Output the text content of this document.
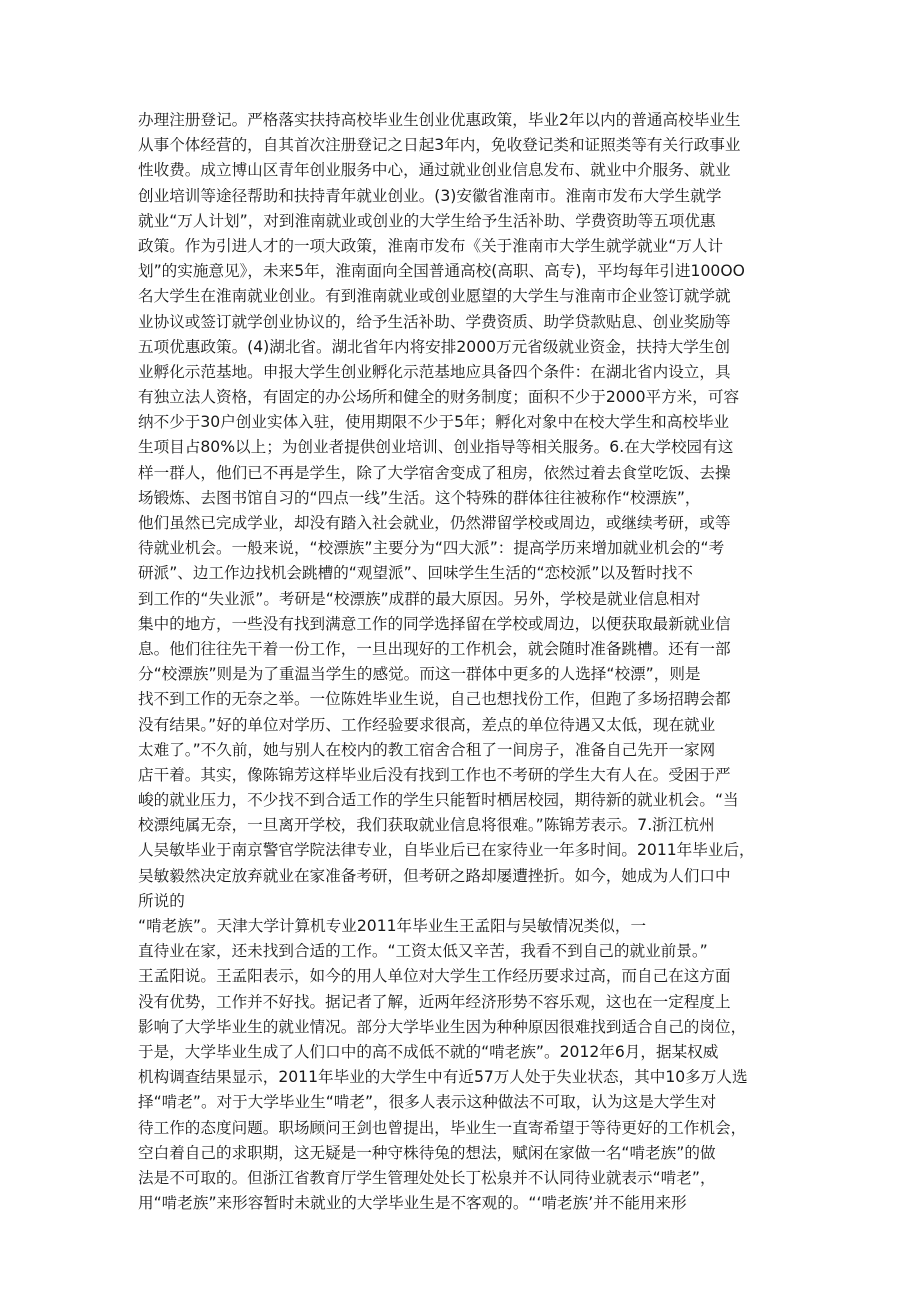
办理注册登记。严格落实扶持高校毕业生创业优惠政策，毕业2年以内的普通高校毕业生
从事个体经营的，自其首次注册登记之日起3年内，免收登记类和证照类等有关行政事业
性收费。成立博山区青年创业服务中心，通过就业创业信息发布、就业中介服务、就业
创业培训等途径帮助和扶持青年就业创业。(3)安徽省淮南市。淮南市发布大学生就学
就业“万人计划”，对到淮南就业或创业的大学生给予生活补助、学费资助等五项优惠
政策。作为引进人才的一项大政策，淮南市发布《关于淮南市大学生就学就业“万人计
划”的实施意见》，未来5年，淮南面向全国普通高校(高职、高专)，平均每年引进100OO
名大学生在淮南就业创业。有到淮南就业或创业愿望的大学生与淮南市企业签订就学就
业协议或签订就学创业协议的，给予生活补助、学费资质、助学贷款贴息、创业奖励等
五项优惠政策。(4)湖北省。湖北省年内将安排2000万元省级就业资金，扶持大学生创
业孵化示范基地。申报大学生创业孵化示范基地应具备四个条件：在湖北省内设立，具
有独立法人资格，有固定的办公场所和健全的财务制度；面积不少于2000平方米，可容
纳不少于30户创业实体入驻，使用期限不少于5年；孵化对象中在校大学生和高校毕业
生项目占80%以上；为创业者提供创业培训、创业指导等相关服务。6.在大学校园有这
样一群人，他们已不再是学生，除了大学宿舍变成了租房，依然过着去食堂吃饭、去操
场锻炼、去图书馆自习的“四点一线”生活。这个特殊的群体往往被称作“校漂族”，
他们虽然已完成学业，却没有踏入社会就业，仍然滞留学校或周边，或继续考研，或等
待就业机会。一般来说，“校漂族”主要分为“四大派”：提高学历来增加就业机会的“考
研派”、边工作边找机会跳槽的“观望派”、回味学生生活的“恋校派”以及暂时找不
到工作的“失业派”。考研是“校漂族”成群的最大原因。另外，学校是就业信息相对
集中的地方，一些没有找到满意工作的同学选择留在学校或周边，以便获取最新就业信
息。他们往往先干着一份工作，一旦出现好的工作机会，就会随时准备跳槽。还有一部
分“校漂族”则是为了重温当学生的感觉。而这一群体中更多的人选择“校漂”，则是
找不到工作的无奈之举。一位陈姓毕业生说，自己也想找份工作，但跑了多场招聘会都
没有结果。”好的单位对学历、工作经验要求很高，差点的单位待遇又太低，现在就业
太难了。”不久前，她与别人在校内的教工宿舍合租了一间房子，准备自己先开一家网
店干着。其实，像陈锦芳这样毕业后没有找到工作也不考研的学生大有人在。受困于严
峻的就业压力，不少找不到合适工作的学生只能暂时栖居校园，期待新的就业机会。“当
校漂纯属无奈，一旦离开学校，我们获取就业信息将很难。”陈锦芳表示。7.浙江杭州
人吴敏毕业于南京警官学院法律专业，自毕业后已在家待业一年多时间。2011年毕业后，
吴敏毅然决定放弃就业在家准备考研，但考研之路却屡遭挫折。如今，她成为人们口中
所说的
“啃老族”。天津大学计算机专业2011年毕业生王孟阳与吴敏情况类似，一
直待业在家，还未找到合适的工作。“工资太低又辛苦，我看不到自己的就业前景。”
王孟阳说。王孟阳表示，如今的用人单位对大学生工作经历要求过高，而自己在这方面
没有优势，工作并不好找。据记者了解，近两年经济形势不容乐观，这也在一定程度上
影响了大学毕业生的就业情况。部分大学毕业生因为种种原因很难找到适合自己的岗位，
于是，大学毕业生成了人们口中的高不成低不就的“啃老族”。2012年6月，据某权威
机构调查结果显示，2011年毕业的大学生中有近57万人处于失业状态，其中10多万人选
择“啃老”。对于大学毕业生“啃老”，很多人表示这种做法不可取，认为这是大学生对
待工作的态度问题。职场顾问王剑也曾提出，毕业生一直寄希望于等待更好的工作机会，
空白着自己的求职期，这无疑是一种守株待兔的想法，赋闲在家做一名“啃老族”的做
法是不可取的。但浙江省教育厅学生管理处处长丁松泉并不认同待业就表示“啃老”，
用“啃老族”来形容暂时未就业的大学毕业生是不客观的。“‘啃老族’并不能用来形
